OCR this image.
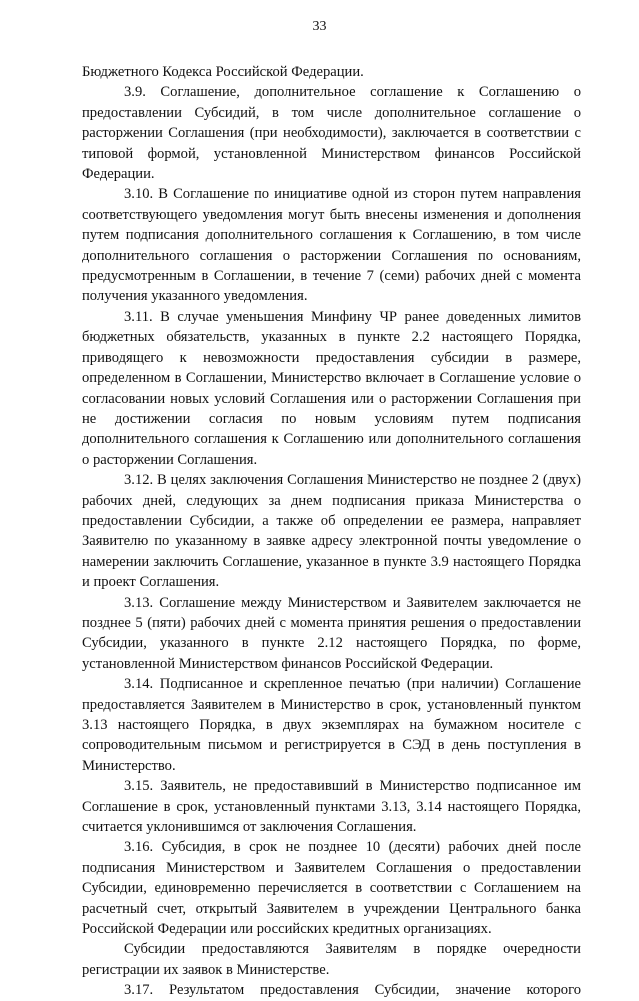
33

Бюджетного Кодекса Российской Федерации.

3.9. Соглашение, дополнительное соглашение к Соглашению о предоставлении Субсидий, в том числе дополнительное соглашение о расторжении Соглашения (при необходимости), заключается в соответствии с типовой формой, установленной Министерством финансов Российской Федерации.

3.10. В Соглашение по инициативе одной из сторон путем направления соответствующего уведомления могут быть внесены изменения и дополнения путем подписания дополнительного соглашения к Соглашению, в том числе дополнительного соглашения о расторжении Соглашения по основаниям, предусмотренным в Соглашении, в течение 7 (семи) рабочих дней с момента получения указанного уведомления.

3.11. В случае уменьшения Минфину ЧР ранее доведенных лимитов бюджетных обязательств, указанных в пункте 2.2 настоящего Порядка, приводящего к невозможности предоставления субсидии в размере, определенном в Соглашении, Министерство включает в Соглашение условие о согласовании новых условий Соглашения или о расторжении Соглашения при не достижении согласия по новым условиям путем подписания дополнительного соглашения к Соглашению или дополнительного соглашения о расторжении Соглашения.

3.12. В целях заключения Соглашения Министерство не позднее 2 (двух) рабочих дней, следующих за днем подписания приказа Министерства о предоставлении Субсидии, а также об определении ее размера, направляет Заявителю по указанному в заявке адресу электронной почты уведомление о намерении заключить Соглашение, указанное в пункте 3.9 настоящего Порядка и проект Соглашения.

3.13. Соглашение между Министерством и Заявителем заключается не позднее 5 (пяти) рабочих дней с момента принятия решения о предоставлении Субсидии, указанного в пункте 2.12 настоящего Порядка, по форме, установленной Министерством финансов Российской Федерации.

3.14. Подписанное и скрепленное печатью (при наличии) Соглашение предоставляется Заявителем в Министерство в срок, установленный пунктом 3.13 настоящего Порядка, в двух экземплярах на бумажном носителе с сопроводительным письмом и регистрируется в СЭД в день поступления в Министерство.

3.15. Заявитель, не предоставивший в Министерство подписанное им Соглашение в срок, установленный пунктами 3.13, 3.14 настоящего Порядка, считается уклонившимся от заключения Соглашения.

3.16. Субсидия, в срок не позднее 10 (десяти) рабочих дней после подписания Министерством и Заявителем Соглашения о предоставлении Субсидии, единовременно перечисляется в соответствии с Соглашением на расчетный счет, открытый Заявителем в учреждении Центрального банка Российской Федерации или российских кредитных организациях.

Субсидии предоставляются Заявителям в порядке очередности регистрации их заявок в Министерстве.

3.17. Результатом предоставления Субсидии, значение которого
